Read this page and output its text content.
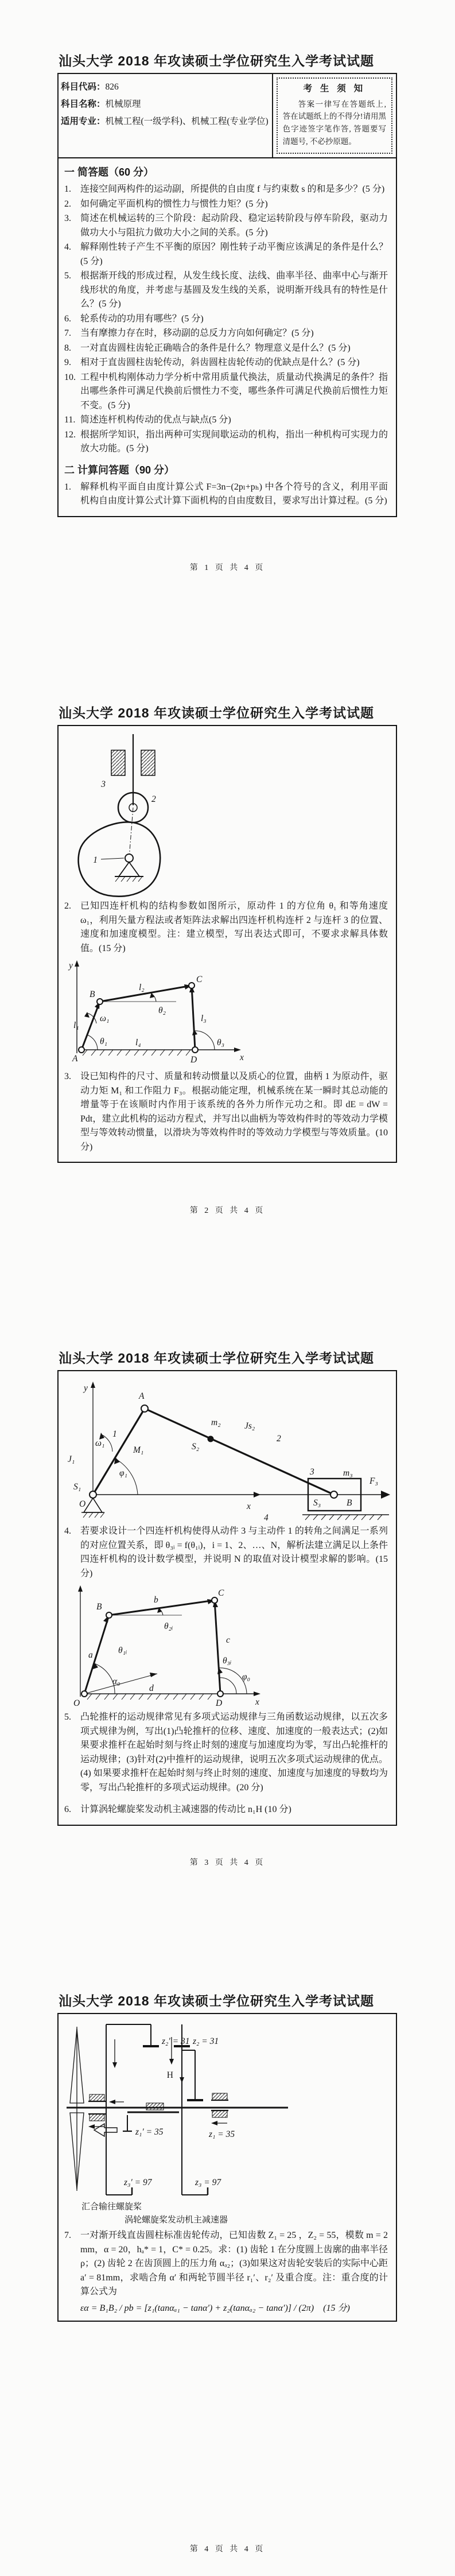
汕头大学 2018 年攻读硕士学位研究生入学考试试题
科目代码：826
科目名称：机械原理
适用专业：机械工程(一级学科)、机械工程(专业学位)
考 生 须 知
答案一律写在答题纸上, 答在试题纸上的不得分!请用黑色字迹签字笔作答, 答题要写清题号, 不必抄原题。
一 简答题（60 分）
1.	连接空间两构件的运动副，所提供的自由度 f 与约束数 s 的和是多少？(5 分)
2.	如何确定平面机构的惯性力与惯性力矩？(5 分)
3.	简述在机械运转的三个阶段：起动阶段、稳定运转阶段与停车阶段，驱动力做功大小与阻抗力做功大小之间的关系。(5 分)
4.	解释刚性转子产生不平衡的原因？刚性转子动平衡应该满足的条件是什么？(5 分)
5.	根据渐开线的形成过程，从发生线长度、法线、曲率半径、曲率中心与渐开线形状的角度，并考虑与基圆及发生线的关系，说明渐开线具有的特性是什么？(5 分)
6.	轮系传动的功用有哪些？(5 分)
7.	当有摩擦力存在时，移动副的总反力方向如何确定？(5 分)
8.	一对直齿圆柱齿轮正确啮合的条件是什么？物理意义是什么？(5 分)
9.	相对于直齿圆柱齿轮传动，斜齿圆柱齿轮传动的优缺点是什么？(5 分)
10. 工程中机构刚体动力学分析中常用质量代换法，质量动代换满足的条件？指出哪些条件可满足代换前后惯性力不变，哪些条件可满足代换前后惯性力矩不变。(5 分)
11. 简述连杆机构传动的优点与缺点(5 分)
12. 根据所学知识，指出两种可实现间歇运动的机构，指出一种机构可实现力的放大功能。(5 分)
二 计算问答题（90 分）
1.	解释机构平面自由度计算公式 F=3n−(2pₗ+pₕ) 中各个符号的含义，利用平面机构自由度计算公式计算下面机构的自由度数目，要求写出计算过程。(5 分)
第 1 页 共 4 页
汕头大学 2018 年攻读硕士学位研究生入学考试试题
3
2
1
2.	已知四连杆机构的结构参数如图所示，原动件 1 的方位角 θ₁ 和等角速度 ω₁，利用矢量方程法或者矩阵法求解出四连杆机构连杆 2 与连杆 3 的位置、速度和加速度模型。注：建立模型，写出表达式即可，不要求求解具体数值。(15 分)
y
x
A
B
C
D
l₁
l₂
l₃
l₄
θ₁
θ₂
θ₃
ω₁
3.	设已知构件的尺寸、质量和转动惯量以及质心的位置，曲柄 1 为原动件，驱动力矩 M₁ 和工作阻力 F₃。根据动能定理，机械系统在某一瞬时其总动能的增量等于在该顺时内作用于该系统的各外力所作元功之和。即 dE = dW = Pdt，建立此机构的运动方程式，并写出以曲柄为等效构件时的等效动力学模型与等效转动惯量，以滑块为等效构件时的等效动力学模型与等效质量。(10 分)
第 2 页 共 4 页
汕头大学 2018 年攻读硕士学位研究生入学考试试题
y
x
F₃
A
1
M₁
ω₁
φ₁
J₁
S₁
O
S₂
m₂	Js₂
2
3	m₃
S₃	B
4
4.	若要求设计一个四连杆机构使得从动件 3 与主动件 1 的转角之间满足一系列的对应位置关系，即 θ₃ᵢ = f(θ₁ᵢ)，i = 1、2、…、N，解析法建立满足以上条件四连杆机构的设计数学模型，并说明 N 的取值对设计模型求解的影响。(15 分)
x
O	D
B
C
a
b
c
d
θ₁ᵢ
θ₂ᵢ
θ₃ᵢ
α₀	φ₀
5.	凸轮推杆的运动规律常见有多项式运动规律与三角函数运动规律，以五次多项式规律为例，写出(1)凸轮推杆的位移、速度、加速度的一般表达式；(2)如果要求推杆在起始时刻与终止时刻的速度与加速度均为零，写出凸轮推杆的运动规律；(3)针对(2)中推杆的运动规律，说明五次多项式运动规律的优点。(4) 如果要求推杆在起始时刻与终止时刻的速度、加速度与加速度的导数均为零，写出凸轮推杆的多项式运动规律。(20 分)
6.	计算涡轮螺旋桨发动机主减速器的传动比 n₁H (10 分)
第 3 页 共 4 页
汕头大学 2018 年攻读硕士学位研究生入学考试试题
z₂′ = 31
z₁′ = 35
z₂ = 31
H
z₁ = 35
z₃′ = 97	z₃ = 97
汇合输往螺旋桨
涡轮螺旋桨发动机主减速器
7.	一对渐开线直齿圆柱标准齿轮传动，已知齿数 Z₁ = 25 ，Z₂ = 55，模数 m = 2 mm，α = 20，hₐ* = 1，C* = 0.25。求：(1) 齿轮 1 在分度圆上齿廓的曲率半径 ρ；(2) 齿轮 2 在齿顶圆上的压力角 αₐ₂；(3)如果这对齿轮安装后的实际中心距 a′ = 81mm，求啮合角 α′ 和两轮节圆半径 r₁′、r₂′ 及重合度。注：重合度的计算公式为
εα = B₁B₂ / pb = [z₁(tanαₐ₁ − tanα′) + z₂(tanαₐ₂ − tanα′)] / (2π)　(15 分)
第 4 页 共 4 页
